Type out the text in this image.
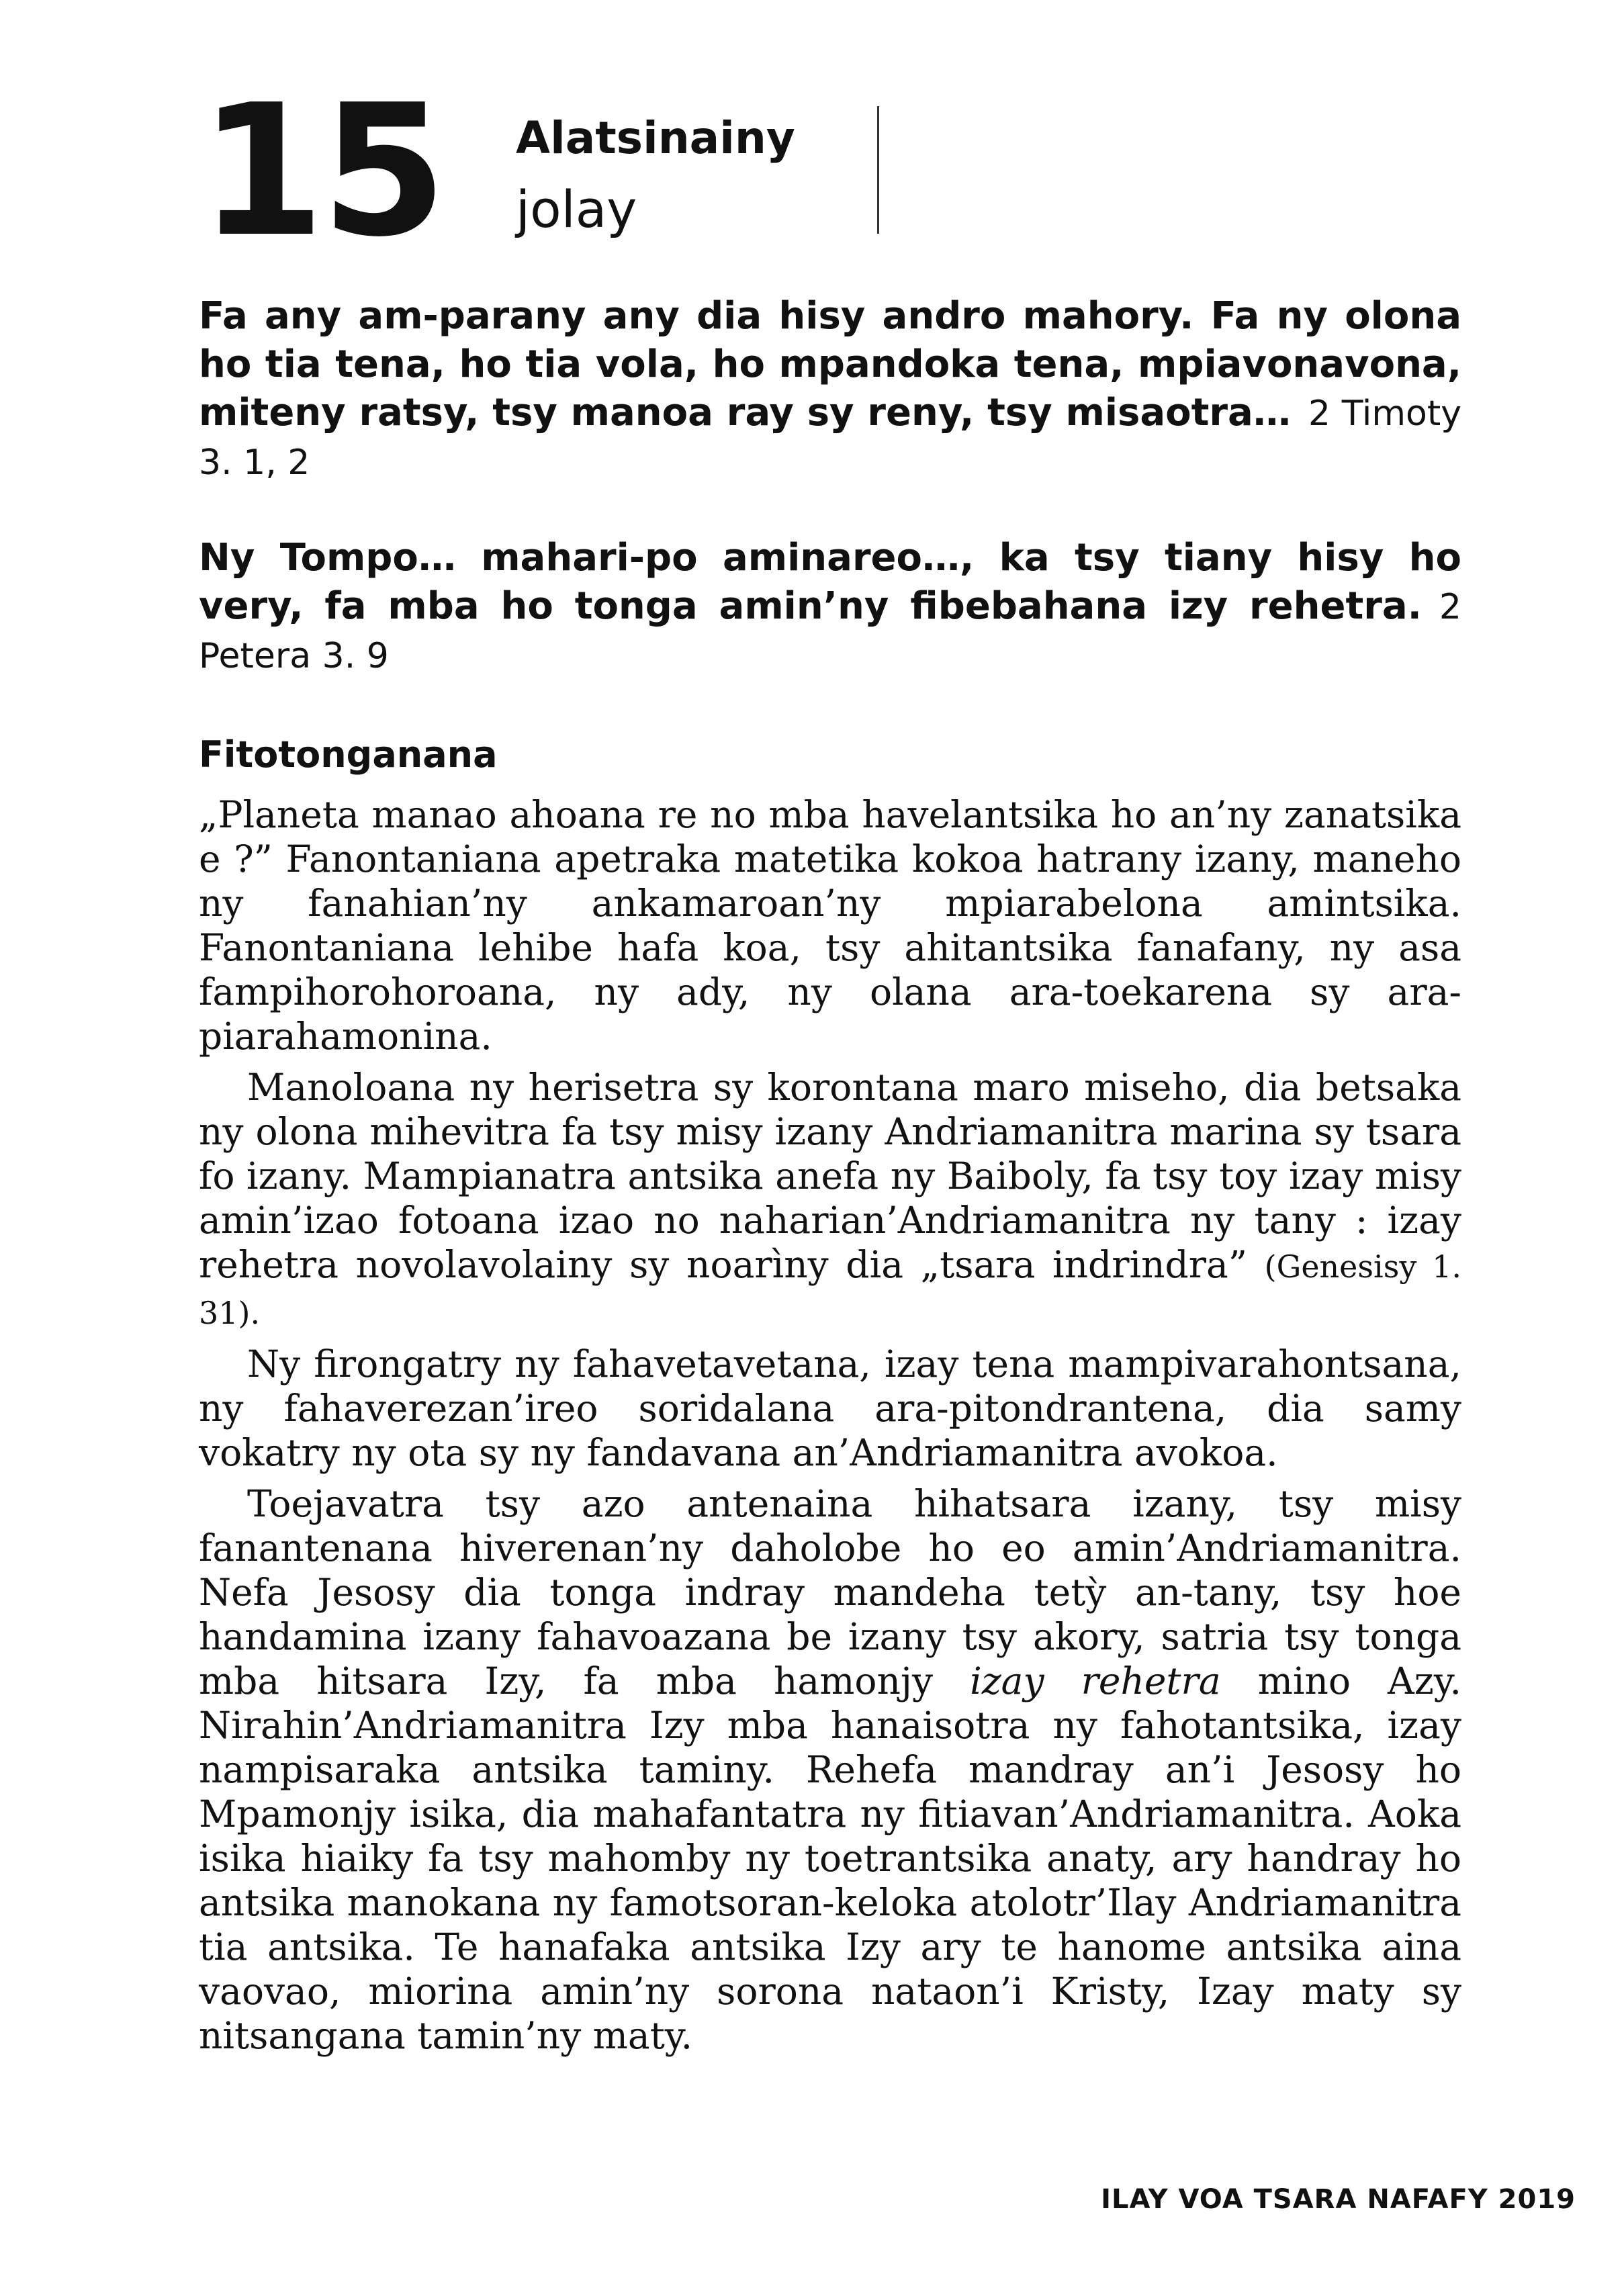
15 Alatsinainy
jolay
Fa any am-parany any dia hisy andro mahory. Fa ny olona ho tia tena, ho tia vola, ho mpandoka tena, mpiavonavona, miteny ratsy, tsy manoa ray sy reny, tsy misaotra… 2 Timoty 3. 1, 2
Ny Tompo… mahari-po aminareo…, ka tsy tiany hisy ho very, fa mba ho tonga amin’ny fibebahana izy rehetra. 2 Petera 3. 9
Fitotonganana

„Planeta manao ahoana re no mba havelantsika ho an’ny zanatsika e ?” Fanontaniana apetraka matetika kokoa hatrany izany, maneho ny fanahian’ny ankamaroan’ny mpiarabelona amintsika. Fanontaniana lehibe hafa koa, tsy ahitantsika fanafany, ny asa fampihorohoroana, ny ady, ny olana ara-toekarena sy ara-piarahamonina.

Manoloana ny herisetra sy korontana maro miseho, dia betsaka ny olona mihevitra fa tsy misy izany Andriamanitra marina sy tsara fo izany. Mampianatra antsika anefa ny Baiboly, fa tsy toy izay misy amin’izao fotoana izao no naharian’Andriamanitra ny tany : izay rehetra novolavolainy sy noarìny dia „tsara indrindra” (Genesisy 1. 31).

Ny firongatry ny fahavetavetana, izay tena mampivarahontsana, ny fahaverezan’ireo soridalana ara-pitondrantena, dia samy vokatry ny ota sy ny fandavana an’Andriamanitra avokoa.

Toejavatra tsy azo antenaina hihatsara izany, tsy misy fanantenana hiverenan’ny daholobe ho eo amin’Andriamanitra. Nefa Jesosy dia tonga indray mandeha tetỳ an-tany, tsy hoe handamina izany fahavoazana be izany tsy akory, satria tsy tonga mba hitsara Izy, fa mba hamonjy izay rehetra mino Azy. Nirahin’Andriamanitra Izy mba hanaisotra ny fahotantsika, izay nampisaraka antsika taminy. Rehefa mandray an’i Jesosy ho Mpamonjy isika, dia mahafantatra ny fitiavan’Andriamanitra. Aoka isika hiaiky fa tsy mahomby ny toetrantsika anaty, ary handray ho antsika manokana ny famotsoran-keloka atolotr’Ilay Andriamanitra tia antsika. Te hanafaka antsika Izy ary te hanome antsika aina vaovao, miorina amin’ny sorona nataon’i Kristy, Izay maty sy nitsangana tamin’ny maty.

ILAY VOA TSARA NAFAFY 2019
